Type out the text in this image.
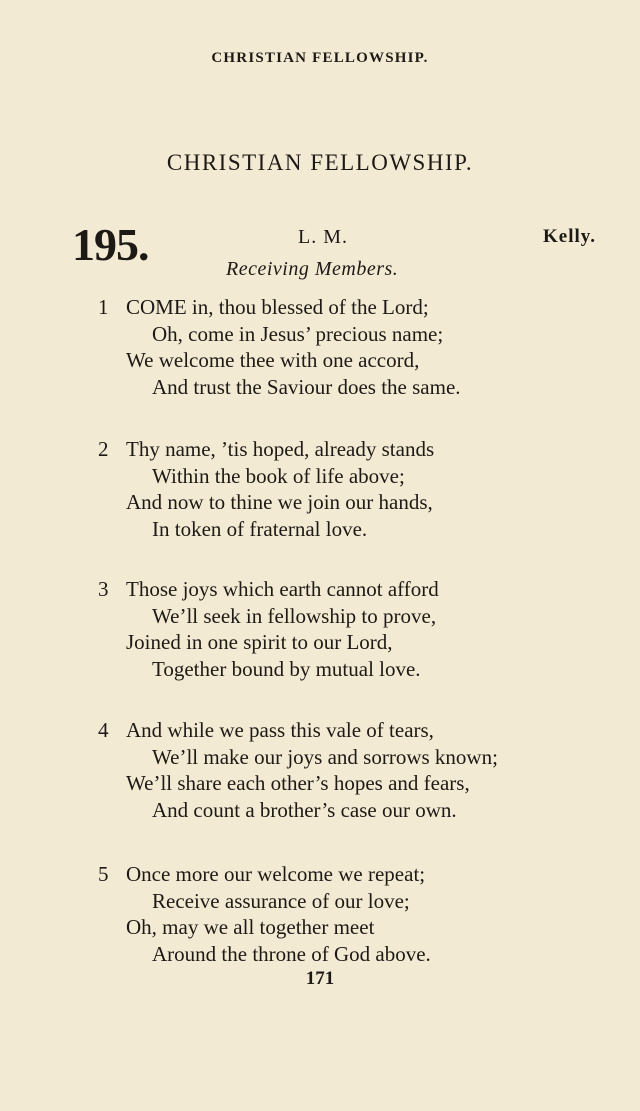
CHRISTIAN FELLOWSHIP.
CHRISTIAN FELLOWSHIP.
195.	L. M.	Kelly.
Receiving Members.
1 COME in, thou blessed of the Lord;
Oh, come in Jesus’ precious name;
We welcome thee with one accord,
And trust the Saviour does the same.
2 Thy name, ’tis hoped, already stands
Within the book of life above;
And now to thine we join our hands,
In token of fraternal love.
3 Those joys which earth cannot afford
We’ll seek in fellowship to prove,
Joined in one spirit to our Lord,
Together bound by mutual love.
4 And while we pass this vale of tears,
We’ll make our joys and sorrows known;
We’ll share each other’s hopes and fears,
And count a brother’s case our own.
5 Once more our welcome we repeat;
Receive assurance of our love;
Oh, may we all together meet
Around the throne of God above.
171
